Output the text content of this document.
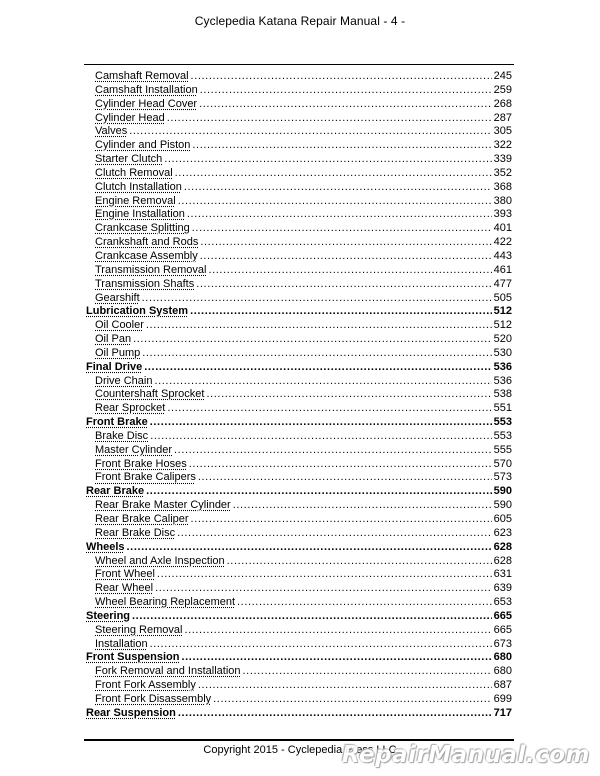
Cyclepedia Katana Repair Manual - 4 -
Camshaft Removal .....	245
Camshaft Installation .....	259
Cylinder Head Cover .....	268
Cylinder Head .....	287
Valves .....	305
Cylinder and Piston .....	322
Starter Clutch .....	339
Clutch Removal .....	352
Clutch Installation .....	368
Engine Removal .....	380
Engine Installation .....	393
Crankcase Splitting .....	401
Crankshaft and Rods .....	422
Crankcase Assembly .....	443
Transmission Removal .....	461
Transmission Shafts .....	477
Gearshift .....	505
Lubrication System .....	512
Oil Cooler .....	512
Oil Pan .....	520
Oil Pump .....	530
Final Drive .....	536
Drive Chain .....	536
Countershaft Sprocket .....	538
Rear Sprocket .....	551
Front Brake .....	553
Brake Disc .....	553
Master Cylinder .....	555
Front Brake Hoses .....	570
Front Brake Calipers .....	573
Rear Brake .....	590
Rear Brake Master Cylinder .....	590
Rear Brake Caliper .....	605
Rear Brake Disc .....	623
Wheels .....	628
Wheel and Axle Inspection .....	628
Front Wheel .....	631
Rear Wheel .....	639
Wheel Bearing Replacement .....	653
Steering .....	665
Steering Removal .....	665
Installation .....	673
Front Suspension .....	680
Fork Removal and Installation .....	680
Front Fork Assembly .....	687
Front Fork Disassembly .....	699
Rear Suspension .....	717
Copyright 2015 - Cyclepedia Press LLC
RepairManual.com
